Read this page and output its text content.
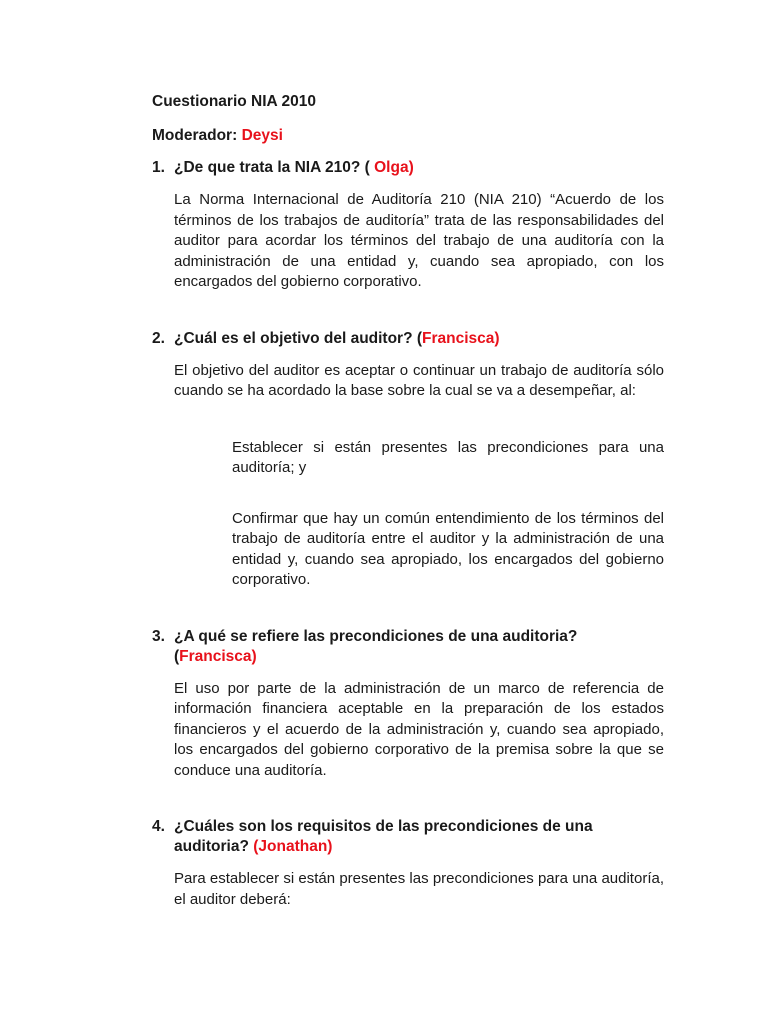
Cuestionario NIA 2010
Moderador: Deysi
1. ¿De que trata la NIA 210? ( Olga)
La Norma Internacional de Auditoría 210 (NIA 210) “Acuerdo de los términos de los trabajos de auditoría” trata de las responsabilidades del auditor para acordar los términos del trabajo de una auditoría con la administración de una entidad y, cuando sea apropiado, con los encargados del gobierno corporativo.
2. ¿Cuál es el objetivo del auditor? (Francisca)
El objetivo del auditor es aceptar o continuar un trabajo de auditoría sólo cuando se ha acordado la base sobre la cual se va a desempeñar, al:
Establecer si están presentes las precondiciones para una auditoría; y
Confirmar que hay un común entendimiento de los términos del trabajo de auditoría entre el auditor y la administración de una entidad y, cuando sea apropiado, los encargados del gobierno corporativo.
3. ¿A qué se refiere las precondiciones de una auditoria? (Francisca)
El uso por parte de la administración de un marco de referencia de información financiera aceptable en la preparación de los estados financieros y el acuerdo de la administración y, cuando sea apropiado, los encargados del gobierno corporativo de la premisa sobre la que se conduce una auditoría.
4. ¿Cuáles son los requisitos de las precondiciones de una auditoria? (Jonathan)
Para establecer si están presentes las precondiciones para una auditoría, el auditor deberá:
